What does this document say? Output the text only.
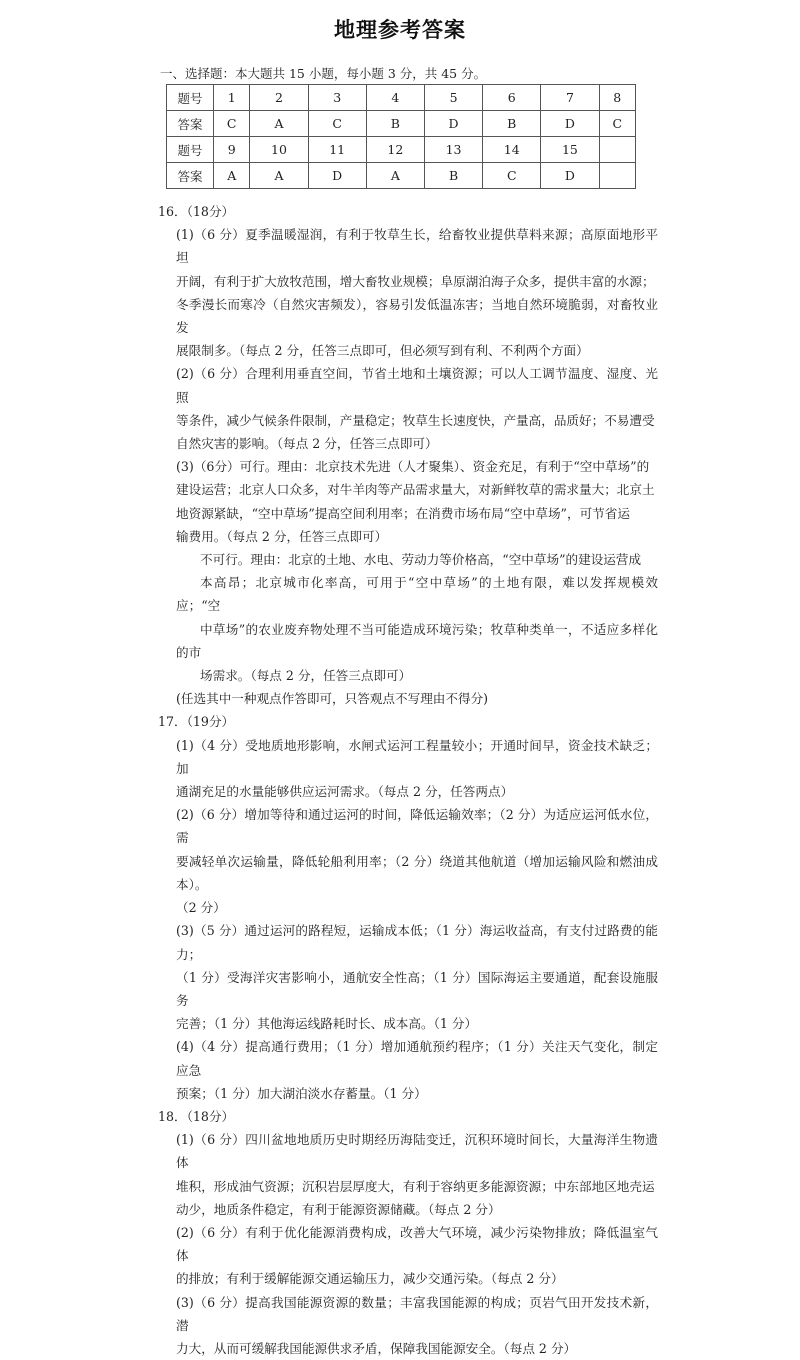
地理参考答案
一、选择题：本大题共 15 小题，每小题 3 分，共 45 分。
题号	1	2	3	4	5	6	7	8
答案	C	A	C	B	D	B	D	C
题号	9	10	11	12	13	14	15	
答案	A	A	D	A	B	C	D	
16．（18分）
(1)（6 分）夏季温暖湿润，有利于牧草生长，给畜牧业提供草料来源；高原面地形平坦
开阔，有利于扩大放牧范围，增大畜牧业规模；阜原湖泊海子众多，提供丰富的水源；
冬季漫长而寒冷（自然灾害频发），容易引发低温冻害；当地自然环境脆弱，对畜牧业发
展限制多。（每点 2 分，任答三点即可，但必须写到有利、不利两个方面）
(2)（6 分）合理利用垂直空间，节省土地和土壤资源；可以人工调节温度、湿度、光照
等条件，减少气候条件限制，产量稳定；牧草生长速度快，产量高，品质好；不易遭受
自然灾害的影响。（每点 2 分，任答三点即可）
(3)（6分）可行。理由：北京技术先进（人才聚集）、资金充足，有利于“空中草场”的
建设运营；北京人口众多，对牛羊肉等产品需求量大，对新鲜牧草的需求量大；北京土
地资源紧缺，“空中草场”提高空间利用率；在消费市场布局“空中草场”，可节省运
输费用。（每点 2 分，任答三点即可）
不可行。理由：北京的土地、水电、劳动力等价格高，“空中草场”的建设运营成
本高昂；北京城市化率高，可用于“空中草场”的土地有限，难以发挥规模效应；“空
中草场”的农业废弃物处理不当可能造成环境污染；牧草种类单一，不适应多样化的市
场需求。（每点 2 分，任答三点即可）
(任选其中一种观点作答即可，只答观点不写理由不得分)
17．（19分）
(1)（4 分）受地质地形影响，水闸式运河工程量较小；开通时间早，资金技术缺乏；加
通湖充足的水量能够供应运河需求。（每点 2 分，任答两点）
(2)（6 分）增加等待和通过运河的时间，降低运输效率；（2 分）为适应运河低水位，需
要减轻单次运输量，降低轮船利用率；（2 分）绕道其他航道（增加运输风险和燃油成本）。
（2 分）
(3)（5 分）通过运河的路程短，运输成本低；（1 分）海运收益高，有支付过路费的能力；
（1 分）受海洋灾害影响小，通航安全性高；（1 分）国际海运主要通道，配套设施服务
完善；（1 分）其他海运线路耗时长、成本高。（1 分）
(4)（4 分）提高通行费用；（1 分）增加通航预约程序；（1 分）关注天气变化，制定应急
预案；（1 分）加大湖泊淡水存蓄量。（1 分）
18．（18分）
(1)（6 分）四川盆地地质历史时期经历海陆变迁，沉积环境时间长，大量海洋生物遗体
堆积，形成油气资源；沉积岩层厚度大，有利于容纳更多能源资源；中东部地区地壳运
动少，地质条件稳定，有利于能源资源储藏。（每点 2 分）
(2)（6 分）有利于优化能源消费构成，改善大气环境，减少污染物排放；降低温室气体
的排放；有利于缓解能源交通运输压力，减少交通污染。（每点 2 分）
(3)（6 分）提高我国能源资源的数量；丰富我国能源的构成；页岩气田开发技术新，潜
力大，从而可缓解我国能源供求矛盾，保障我国能源安全。（每点 2 分）
